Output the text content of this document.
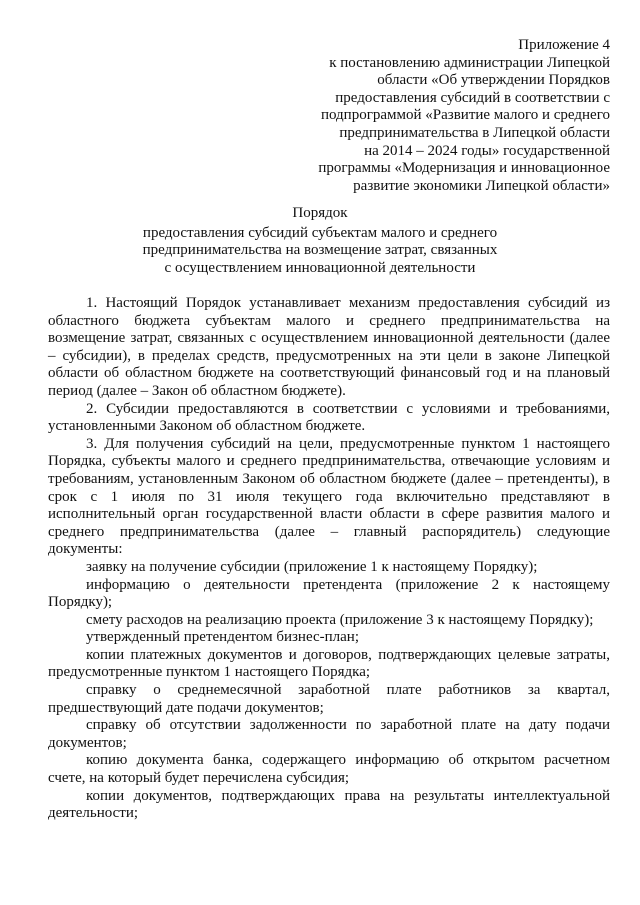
Приложение 4
к постановлению администрации Липецкой
области «Об утверждении Порядков
предоставления субсидий в соответствии с
подпрограммой «Развитие малого и среднего
предпринимательства в Липецкой области
на 2014 – 2024 годы» государственной
программы «Модернизация и инновационное
развитие экономики Липецкой области»
Порядок
предоставления субсидий субъектам малого и среднего
предпринимательства на возмещение затрат, связанных
с осуществлением инновационной деятельности

1. Настоящий Порядок устанавливает механизм предоставления субсидий из областного бюджета субъектам малого и среднего предпринимательства на возмещение затрат, связанных с осуществлением инновационной деятельности (далее – субсидии), в пределах средств, предусмотренных на эти цели в законе Липецкой области об областном бюджете на соответствующий финансовый год и на плановый период (далее – Закон об областном бюджете).

2. Субсидии предоставляются в соответствии с условиями и требованиями, установленными Законом об областном бюджете.

3. Для получения субсидий на цели, предусмотренные пунктом 1 настоящего Порядка, субъекты малого и среднего предпринимательства, отвечающие условиям и требованиям, установленным Законом об областном бюджете (далее – претенденты), в срок с 1 июля по 31 июля текущего года включительно представляют в исполнительный орган государственной власти области в сфере развития малого и среднего предпринимательства (далее – главный распорядитель) следующие документы:

заявку на получение субсидии (приложение 1 к настоящему Порядку);

информацию о деятельности претендента (приложение 2 к настоящему Порядку);

смету расходов на реализацию проекта (приложение 3 к настоящему Порядку);

утвержденный претендентом бизнес-план;

копии платежных документов и договоров, подтверждающих целевые затраты, предусмотренные пунктом 1 настоящего Порядка;

справку о среднемесячной заработной плате работников за квартал, предшествующий дате подачи документов;

справку об отсутствии задолженности по заработной плате на дату подачи документов;

копию документа банка, содержащего информацию об открытом расчетном счете, на который будет перечислена субсидия;

копии документов, подтверждающих права на результаты интеллектуальной деятельности;
